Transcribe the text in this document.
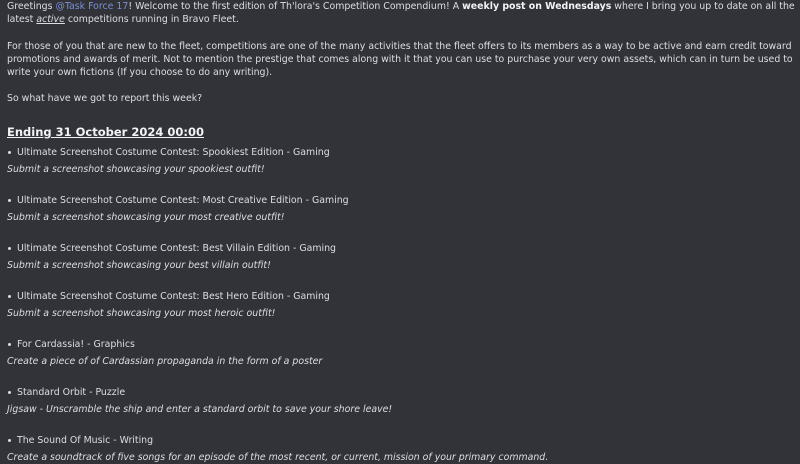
Greetings @Task Force 17! Welcome to the first edition of Th'lora's Competition Compendium! A weekly post on Wednesdays where I bring you up to date on all the latest active competitions running in Bravo Fleet.

For those of you that are new to the fleet, competitions are one of the many activities that the fleet offers to its members as a way to be active and earn credit toward promotions and awards of merit. Not to mention the prestige that comes along with it that you can use to purchase your very own assets, which can in turn be used to write your own fictions (If you choose to do any writing).

So what have we got to report this week?

Ending 31 October 2024 00:00
Ultimate Screenshot Costume Contest: Spookiest Edition - Gaming
Submit a screenshot showcasing your spookiest outfit!
Ultimate Screenshot Costume Contest: Most Creative Edition - Gaming
Submit a screenshot showcasing your most creative outfit!
Ultimate Screenshot Costume Contest: Best Villain Edition - Gaming
Submit a screenshot showcasing your best villain outfit!
Ultimate Screenshot Costume Contest: Best Hero Edition - Gaming
Submit a screenshot showcasing your most heroic outfit!
For Cardassia! - Graphics
Create a piece of of Cardassian propaganda in the form of a poster
Standard Orbit - Puzzle
Jigsaw - Unscramble the ship and enter a standard orbit to save your shore leave!
The Sound Of Music - Writing
Create a soundtrack of five songs for an episode of the most recent, or current, mission of your primary command.
